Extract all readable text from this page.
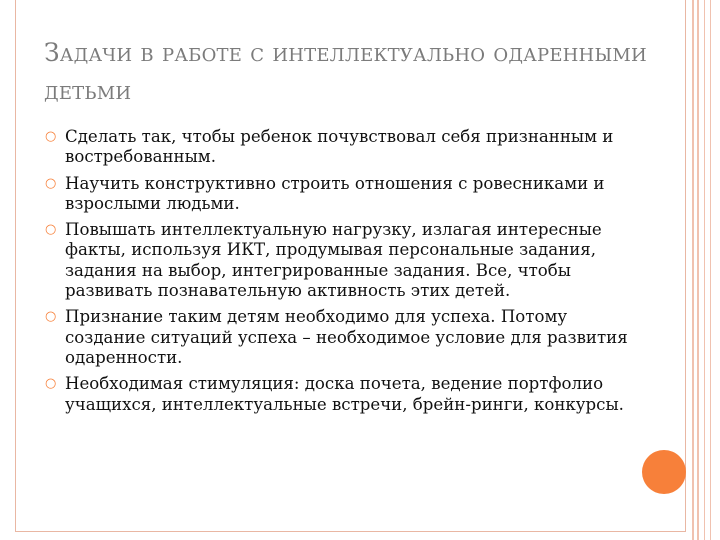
Задачи в работе с интеллектуально одаренными детьми
○ Сделать так, чтобы ребенок почувствовал себя признанным и востребованным.
○ Научить конструктивно строить отношения с ровесниками и взрослыми людьми.
○ Повышать интеллектуальную нагрузку, излагая интересные факты, используя ИКТ, продумывая персональные задания, задания на выбор, интегрированные задания. Все, чтобы развивать познавательную активность этих детей.
○ Признание таким детям необходимо для успеха. Потому создание ситуаций успеха – необходимое условие для развития одаренности.
○ Необходимая стимуляция: доска почета, ведение портфолио учащихся, интеллектуальные встречи, брейн-ринги, конкурсы.
